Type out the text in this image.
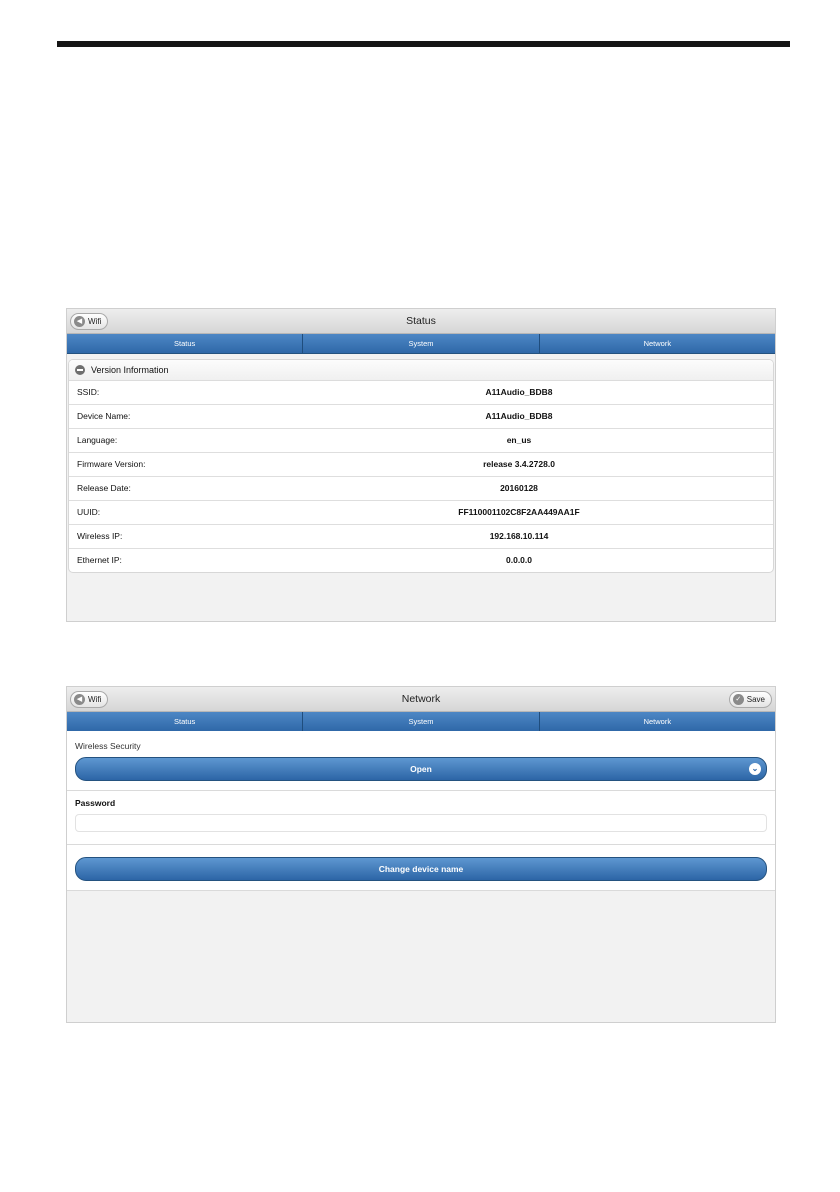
◀ Wifi	Status
Status	System	Network
Version Information
SSID:	A11Audio_BDB8
Device Name:	A11Audio_BDB8
Language:	en_us
Firmware Version:	release 3.4.2728.0
Release Date:	20160128
UUID:	FF110001102C8F2AA449AA1F
Wireless IP:	192.168.10.114
Ethernet IP:	0.0.0.0
◀ Wifi	Network	✓ Save
Status	System	Network
Wireless Security
Open	⌄
Password
Change device name
